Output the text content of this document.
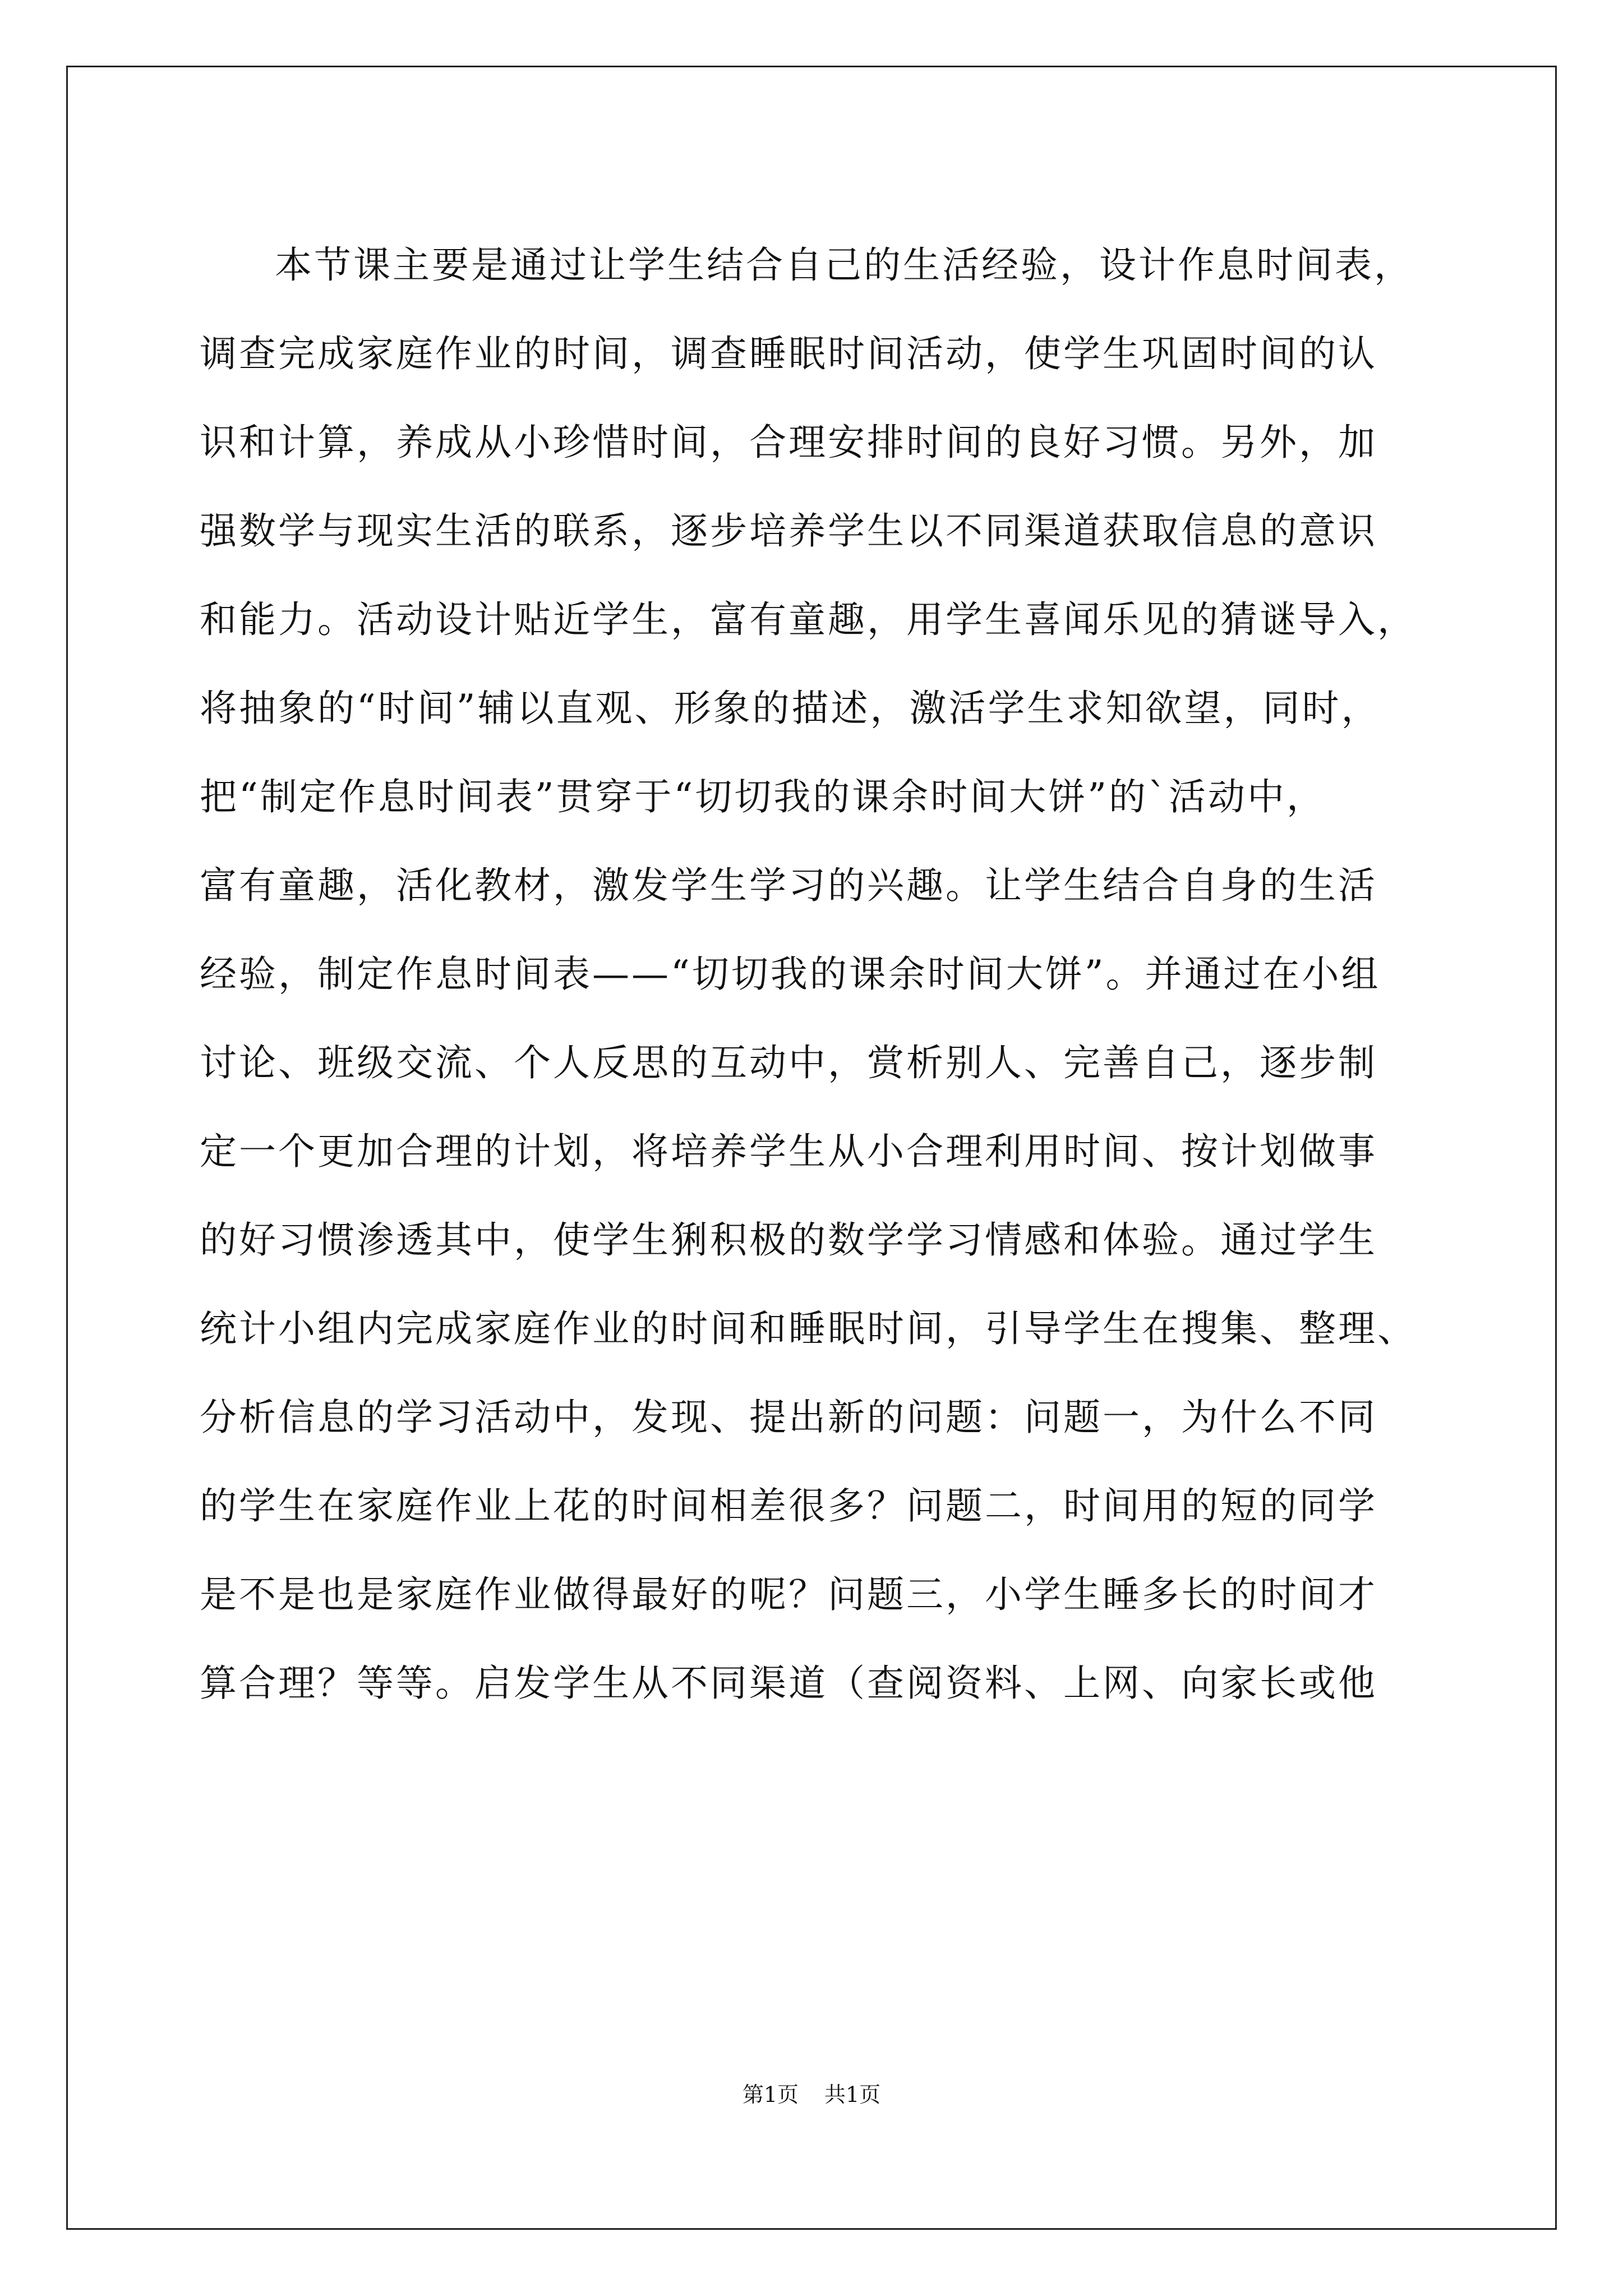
本节课主要是通过让学生结合自己的生活经验，设计作息时间表，
调查完成家庭作业的时间，调查睡眠时间活动，使学生巩固时间的认
识和计算，养成从小珍惜时间，合理安排时间的良好习惯。另外，加
强数学与现实生活的联系，逐步培养学生以不同渠道获取信息的意识
和能力。活动设计贴近学生，富有童趣，用学生喜闻乐见的猜谜导入，
将抽象的“时间”辅以直观、形象的描述，激活学生求知欲望，同时，
把“制定作息时间表”贯穿于“切切我的课余时间大饼”的`活动中，
富有童趣，活化教材，激发学生学习的兴趣。让学生结合自身的生活
经验，制定作息时间表——“切切我的课余时间大饼”。并通过在小组
讨论、班级交流、个人反思的互动中，赏析别人、完善自己，逐步制
定一个更加合理的计划，将培养学生从小合理利用时间、按计划做事
的好习惯渗透其中，使学生猁积极的数学学习情感和体验。通过学生
统计小组内完成家庭作业的时间和睡眠时间，引导学生在搜集、整理、
分析信息的学习活动中，发现、提出新的问题：问题一，为什么不同
的学生在家庭作业上花的时间相差很多？问题二，时间用的短的同学
是不是也是家庭作业做得最好的呢？问题三，小学生睡多长的时间才
算合理？等等。启发学生从不同渠道（查阅资料、上网、向家长或他
第1页 共1页
